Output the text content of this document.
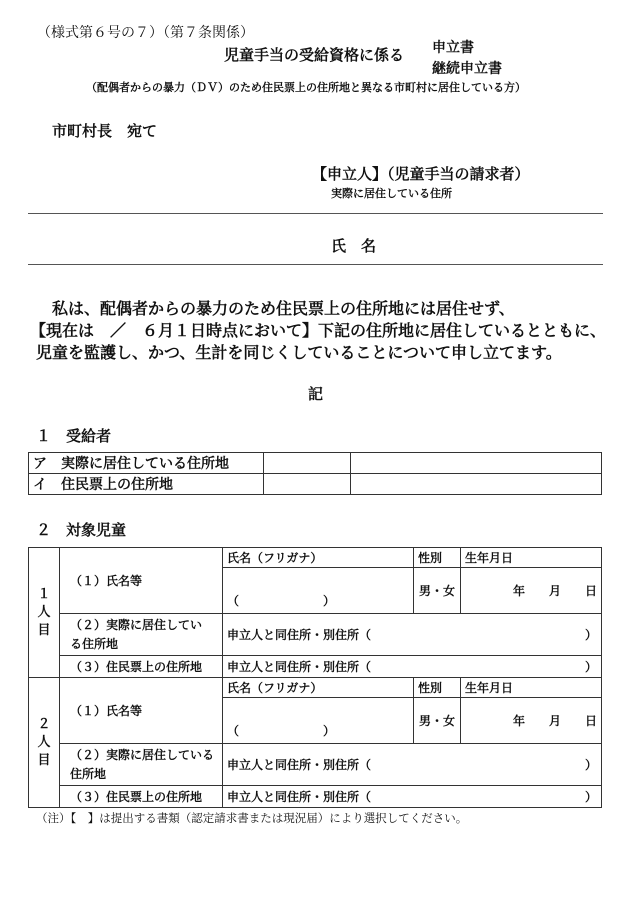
（様式第６号の７）（第７条関係）
児童手当の受給資格に係る 申立書
継続申立書
（配偶者からの暴力（ＤＶ）のため住民票上の住所地と異なる市町村に居住している方）
市町村長　宛て
【申立人】（児童手当の請求者）
実際に居住している住所
氏　名
　私は、配偶者からの暴力のため住民票上の住所地には居住せず、
【現在は　／　６月１日時点において】下記の住所地に居住しているとともに、
児童を監護し、かつ、生計を同じくしていることについて申し立てます。
記
１　受給者
ア　実際に居住している住所地		
イ　住民票上の住所地		
２　対象児童
１人目	（１）氏名等	氏名（フリガナ）	性別	生年月日
		（　　　　　　　）	男・女	年　　月　　日
	（２）実際に居住してい
る住所地	申立人と同住所・別住所（ ）		

	（３）住民票上の住所地	申立人と同住所・別住所（ ）		

２人目	（１）氏名等	氏名（フリガナ）	性別	生年月日
		（　　　　　　　）	男・女	年　　月　　日
	（２）実際に居住している
住所地	申立人と同住所・別住所（ ）		

	（３）住民票上の住所地	申立人と同住所・別住所（ ）		
（注）【　】は提出する書類（認定請求書または現況届）により選択してください。
